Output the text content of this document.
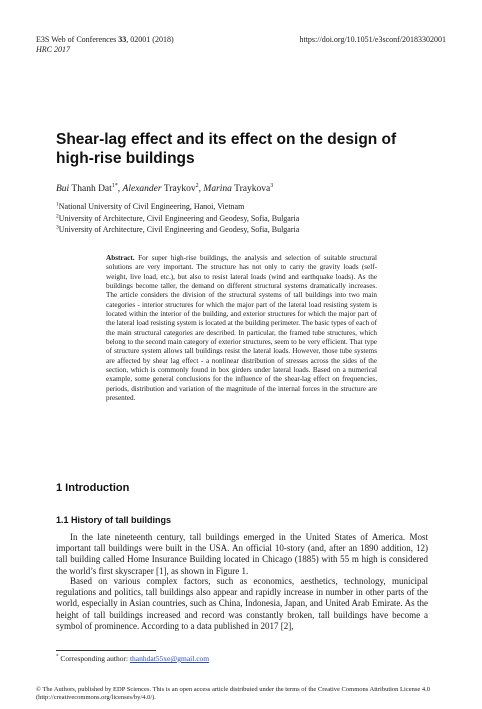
E3S Web of Conferences 33, 02001 (2018)	https://doi.org/10.1051/e3sconf/20183302001
HRC 2017
Shear-lag effect and its effect on the design of high-rise buildings
Bui Thanh Dat$^{1*}$, Alexander Traykov$^2$, Marina Traykova$^3$
$^1$National University of Civil Engineering, Hanoi, Vietnam
$^2$University of Architecture, Civil Engineering and Geodesy, Sofia, Bulgaria
$^3$University of Architecture, Civil Engineering and Geodesy, Sofia, Bulgaria
Abstract. For super high-rise buildings, the analysis and selection of suitable structural solutions are very important. The structure has not only to carry the gravity loads (self-weight, live load, etc.), but also to resist lateral loads (wind and earthquake loads). As the buildings become taller, the demand on different structural systems dramatically increases. The article considers the division of the structural systems of tall buildings into two main categories - interior structures for which the major part of the lateral load resisting system is located within the interior of the building, and exterior structures for which the major part of the lateral load resisting system is located at the building perimeter. The basic types of each of the main structural categories are described. In particular, the framed tube structures, which belong to the second main category of exterior structures, seem to be very efficient. That type of structure system allows tall buildings resist the lateral loads. However, those tube systems are affected by shear lag effect - a nonlinear distribution of stresses across the sides of the section, which is commonly found in box girders under lateral loads. Based on a numerical example, some general conclusions for the influence of the shear-lag effect on frequencies, periods, distribution and variation of the magnitude of the internal forces in the structure are presented.
1 Introduction
1.1 History of tall buildings

In the late nineteenth century, tall buildings emerged in the United States of America. Most important tall buildings were built in the USA. An official 10-story (and, after an 1890 addition, 12) tall building called Home Insurance Building located in Chicago (1885) with 55 m high is considered the world’s first skyscraper [1], as shown in Figure 1.

Based on various complex factors, such as economics, aesthetics, technology, municipal regulations and politics, tall buildings also appear and rapidly increase in number in other parts of the world, especially in Asian countries, such as China, Indonesia, Japan, and United Arab Emirate. As the height of tall buildings increased and record was constantly broken, tall buildings have become a symbol of prominence. According to a data published in 2017 [2],

* Corresponding author: thanhdat55xe@gmail.com
© The Authors, published by EDP Sciences. This is an open access article distributed under the terms of the Creative Commons Attribution License 4.0 (http://creativecommons.org/licenses/by/4.0/).
